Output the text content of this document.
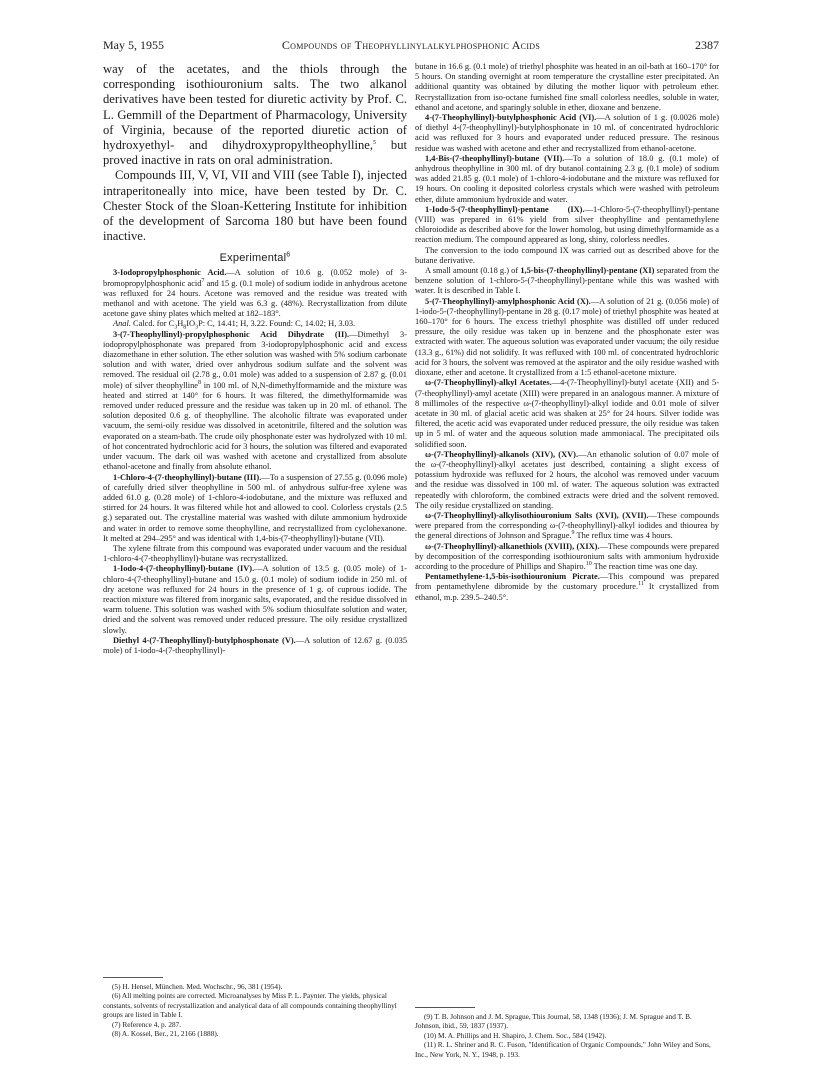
May 5, 1955	Compounds of Theophyllinylalkylphosphonic Acids	2387

way of the acetates, and the thiols through the corresponding isothiouronium salts. The two alkanol derivatives have been tested for diuretic activity by Prof. C. L. Gemmill of the Department of Pharmacology, University of Virginia, because of the reported diuretic action of hydroxyethyl- and dihydroxypropyltheophylline,$^5$ but proved inactive in rats on oral administration.

Compounds III, V, VI, VII and VIII (see Table I), injected intraperitoneally into mice, have been tested by Dr. C. Chester Stock of the Sloan-Kettering Institute for inhibition of the development of Sarcoma 180 but have been found inactive.

Experimental$^6$

3-Iodopropylphosphonic Acid.—A solution of 10.6 g. (0.052 mole) of 3-bromopropylphosphonic acid$^7$ and 15 g. (0.1 mole) of sodium iodide in anhydrous acetone was refluxed for 24 hours. Acetone was removed and the residue was treated with methanol and with acetone. The yield was 6.3 g. (48%). Recrystallization from dilute acetone gave shiny plates which melted at 182–183°.

Anal. Calcd. for $C_3H_8IO_3P$: C, 14.41; H, 3.22. Found: C, 14.02; H, 3.03.

3-(7-Theophyllinyl)-propylphosphonic Acid Dihydrate (II).—Dimethyl 3-iodopropylphosphonate was prepared from 3-iodopropylphosphonic acid and excess diazomethane in ether solution. The ether solution was washed with 5% sodium carbonate solution and with water, dried over anhydrous sodium sulfate and the solvent was removed. The residual oil (2.78 g., 0.01 mole) was added to a suspension of 2.87 g. (0.01 mole) of silver theophylline$^8$ in 100 ml. of N,N-dimethylformamide and the mixture was heated and stirred at 140° for 6 hours. It was filtered, the dimethylformamide was removed under reduced pressure and the residue was taken up in 20 ml. of ethanol. The solution deposited 0.6 g. of theophylline. The alcoholic filtrate was evaporated under vacuum, the semi-oily residue was dissolved in acetonitrile, filtered and the solution was evaporated on a steam-bath. The crude oily phosphonate ester was hydrolyzed with 10 ml. of hot concentrated hydrochloric acid for 3 hours, the solution was filtered and evaporated under vacuum. The dark oil was washed with acetone and crystallized from absolute ethanol-acetone and finally from absolute ethanol.

1-Chloro-4-(7-theophyllinyl)-butane (III).—To a suspension of 27.55 g. (0.096 mole) of carefully dried silver theophylline in 500 ml. of anhydrous sulfur-free xylene was added 61.0 g. (0.28 mole) of 1-chloro-4-iodobutane, and the mixture was refluxed and stirred for 24 hours. It was filtered while hot and allowed to cool. Colorless crystals (2.5 g.) separated out. The crystalline material was washed with dilute ammonium hydroxide and water in order to remove some theophylline, and recrystallized from cyclohexanone. It melted at 294–295° and was identical with 1,4-bis-(7-theophyllinyl)-butane (VII).

The xylene filtrate from this compound was evaporated under vacuum and the residual 1-chloro-4-(7-theophyllinyl)-butane was recrystallized.

1-Iodo-4-(7-theophyllinyl)-butane (IV).—A solution of 13.5 g. (0.05 mole) of 1-chloro-4-(7-theophyllinyl)-butane and 15.0 g. (0.1 mole) of sodium iodide in 250 ml. of dry acetone was refluxed for 24 hours in the presence of 1 g. of cuprous iodide. The reaction mixture was filtered from inorganic salts, evaporated, and the residue dissolved in warm toluene. This solution was washed with 5% sodium thiosulfate solution and water, dried and the solvent was removed under reduced pressure. The oily residue crystallized slowly.

Diethyl 4-(7-Theophyllinyl)-butylphosphonate (V).—A solution of 12.67 g. (0.035 mole) of 1-iodo-4-(7-theophyllinyl)-

(5) H. Hensel, München. Med. Wochschr., 96, 381 (1954).

(6) All melting points are corrected. Microanalyses by Miss P. L. Paynter. The yields, physical constants, solvents of recrystallization and analytical data of all compounds containing theophyllinyl groups are listed in Table I.

(7) Reference 4, p. 287.

(8) A. Kossel, Ber., 21, 2166 (1888).

butane in 16.6 g. (0.1 mole) of triethyl phosphite was heated in an oil-bath at 160–170° for 5 hours. On standing overnight at room temperature the crystalline ester precipitated. An additional quantity was obtained by diluting the mother liquor with petroleum ether. Recrystallization from iso-octane furnished fine small colorless needles, soluble in water, ethanol and acetone, and sparingly soluble in ether, dioxane and benzene.

4-(7-Theophyllinyl)-butylphosphonic Acid (VI).—A solution of 1 g. (0.0026 mole) of diethyl 4-(7-theophyllinyl)-butylphosphonate in 10 ml. of concentrated hydrochloric acid was refluxed for 3 hours and evaporated under reduced pressure. The resinous residue was washed with acetone and ether and recrystallized from ethanol-acetone.

1,4-Bis-(7-theophyllinyl)-butane (VII).—To a solution of 18.0 g. (0.1 mole) of anhydrous theophylline in 300 ml. of dry butanol containing 2.3 g. (0.1 mole) of sodium was added 21.85 g. (0.1 mole) of 1-chloro-4-iodobutane and the mixture was refluxed for 19 hours. On cooling it deposited colorless crystals which were washed with petroleum ether, dilute ammonium hydroxide and water.

1-Iodo-5-(7-theophyllinyl)-pentane (IX).—1-Chloro-5-(7-theophyllinyl)-pentane (VIII) was prepared in 61% yield from silver theophylline and pentamethylene chloroiodide as described above for the lower homolog, but using dimethylformamide as a reaction medium. The compound appeared as long, shiny, colorless needles.

The conversion to the iodo compound IX was carried out as described above for the butane derivative.

A small amount (0.18 g.) of 1,5-bis-(7-theophyllinyl)-pentane (XI) separated from the benzene solution of 1-chloro-5-(7-theophyllinyl)-pentane while this was washed with water. It is described in Table I.

5-(7-Theophyllinyl)-amylphosphonic Acid (X).—A solution of 21 g. (0.056 mole) of 1-iodo-5-(7-theophyllinyl)-pentane in 28 g. (0.17 mole) of triethyl phosphite was heated at 160–170° for 6 hours. The excess triethyl phosphite was distilled off under reduced pressure, the oily residue was taken up in benzene and the phosphonate ester was extracted with water. The aqueous solution was evaporated under vacuum; the oily residue (13.3 g., 61%) did not solidify. It was refluxed with 100 ml. of concentrated hydrochloric acid for 3 hours, the solvent was removed at the aspirator and the oily residue washed with dioxane, ether and acetone. It crystallized from a 1:5 ethanol-acetone mixture.

ω-(7-Theophyllinyl)-alkyl Acetates.—4-(7-Theophyllinyl)-butyl acetate (XII) and 5-(7-theophyllinyl)-amyl acetate (XIII) were prepared in an analogous manner. A mixture of 8 millimoles of the respective ω-(7-theophyllinyl)-alkyl iodide and 0.01 mole of silver acetate in 30 ml. of glacial acetic acid was shaken at 25° for 24 hours. Silver iodide was filtered, the acetic acid was evaporated under reduced pressure, the oily residue was taken up in 5 ml. of water and the aqueous solution made ammoniacal. The precipitated oils solidified soon.

ω-(7-Theophyllinyl)-alkanols (XIV), (XV).—An ethanolic solution of 0.07 mole of the ω-(7-theophyllinyl)-alkyl acetates just described, containing a slight excess of potassium hydroxide was refluxed for 2 hours, the alcohol was removed under vacuum and the residue was dissolved in 100 ml. of water. The aqueous solution was extracted repeatedly with chloroform, the combined extracts were dried and the solvent removed. The oily residue crystallized on standing.

ω-(7-Theophyllinyl)-alkylisothiouronium Salts (XVI), (XVII).—These compounds were prepared from the corresponding ω-(7-theophyllinyl)-alkyl iodides and thiourea by the general directions of Johnson and Sprague.$^9$ The reflux time was 4 hours.

ω-(7-Theophyllinyl)-alkanethiols (XVIII), (XIX).—These compounds were prepared by decomposition of the corresponding isothiouronium salts with ammonium hydroxide according to the procedure of Phillips and Shapiro.$^{10}$ The reaction time was one day.

Pentamethylene-1,5-bis-isothiouronium Picrate.—This compound was prepared from pentamethylene dibromide by the customary procedure.$^{11}$ It crystallized from ethanol, m.p. 239.5–240.5°.

(9) T. B. Johnson and J. M. Sprague, This Journal, 58, 1348 (1936); J. M. Sprague and T. B. Johnson, ibid., 59, 1837 (1937).

(10) M. A. Phillips and H. Shapiro, J. Chem. Soc., 584 (1942).

(11) R. L. Shriner and R. C. Fuson, "Identification of Organic Compounds," John Wiley and Sons, Inc., New York, N. Y., 1948, p. 193.
